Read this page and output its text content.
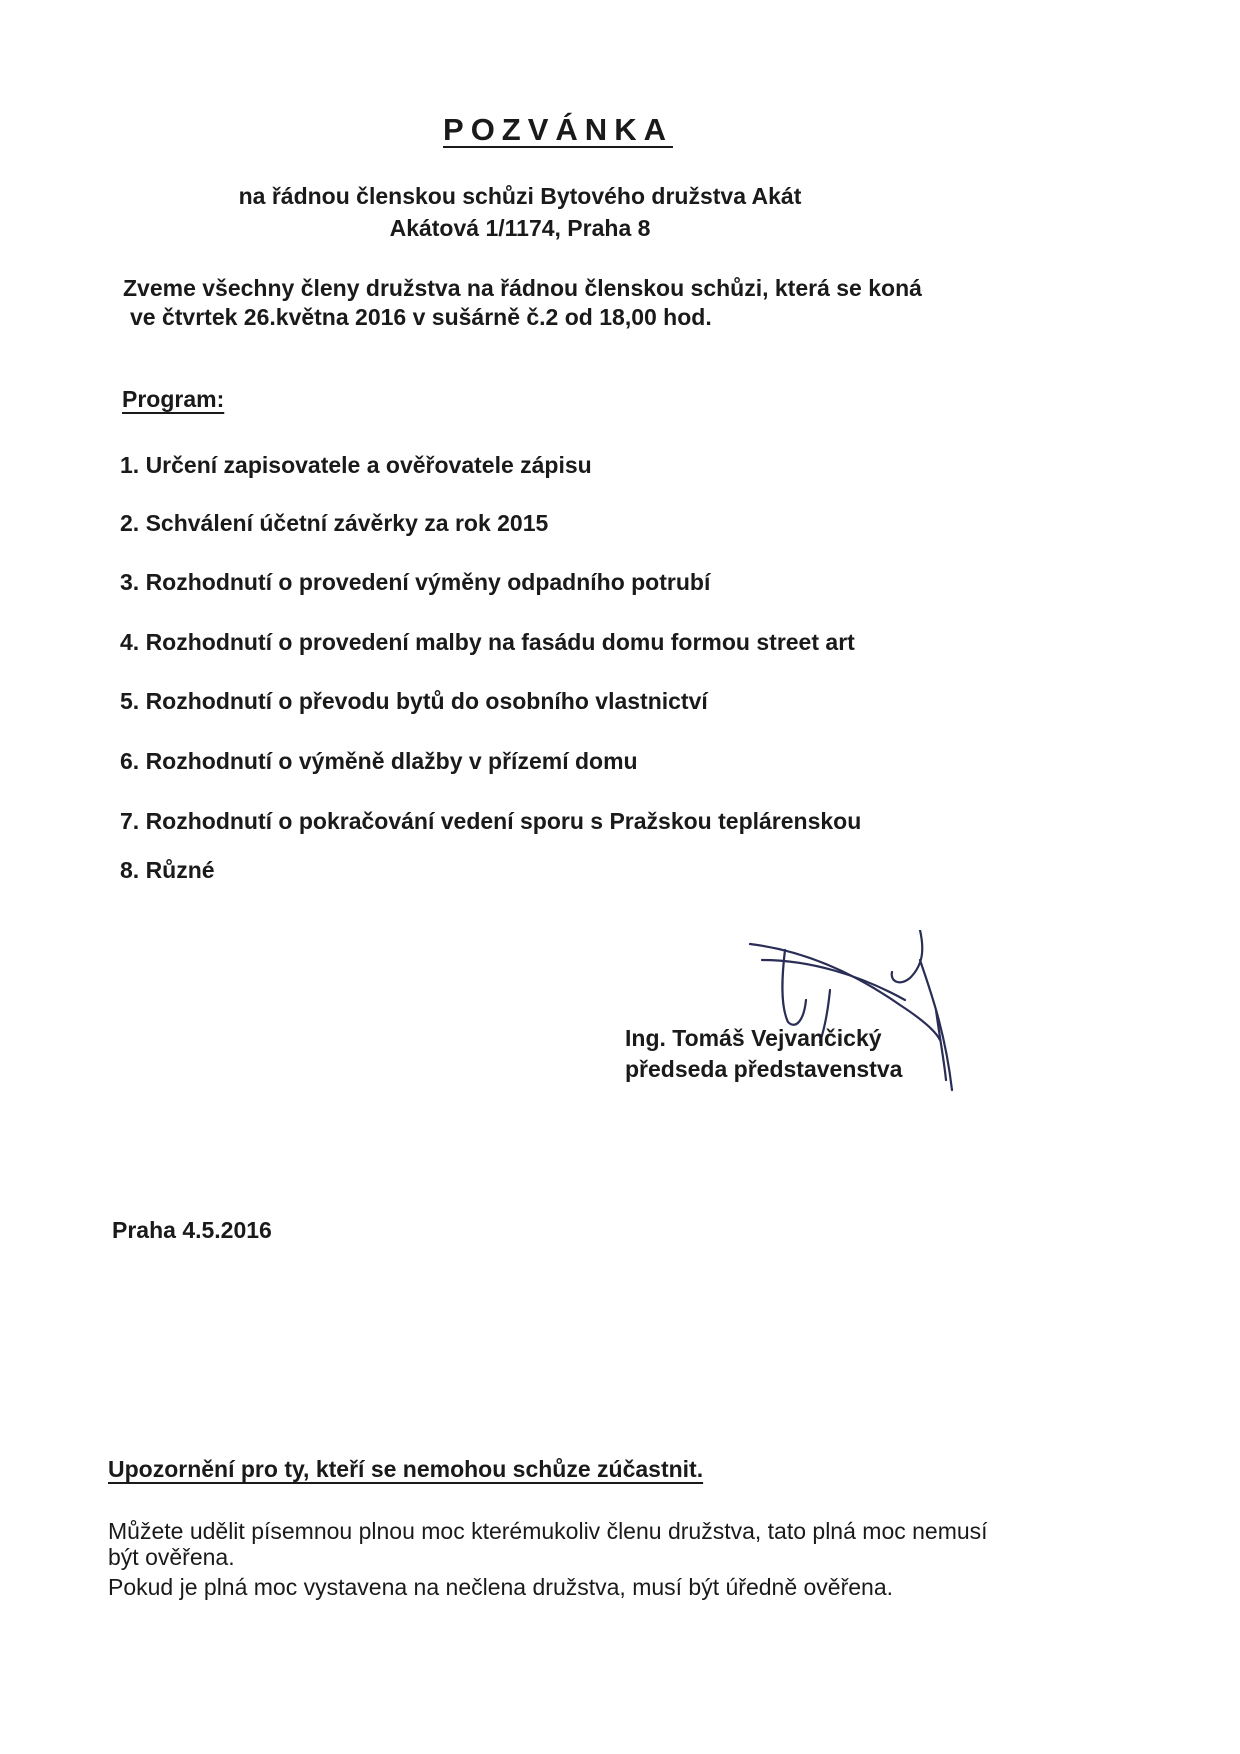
POZVÁNKA
na řádnou členskou schůzi Bytového družstva Akát
Akátová 1/1174, Praha 8
Zveme všechny členy družstva na řádnou členskou schůzi, která se koná
ve čtvrtek 26.května 2016 v sušárně č.2 od 18,00 hod.
Program:
1. Určení zapisovatele a ověřovatele zápisu
2. Schválení účetní závěrky za rok 2015
3. Rozhodnutí o provedení výměny odpadního potrubí
4. Rozhodnutí o provedení malby na fasádu domu formou street art
5. Rozhodnutí o převodu bytů do osobního vlastnictví
6. Rozhodnutí o výměně dlažby v přízemí domu
7. Rozhodnutí o pokračování vedení sporu s Pražskou teplárenskou
8. Různé
Ing. Tomáš Vejvančický
předseda představenstva
Praha 4.5.2016
Upozornění pro ty, kteří se nemohou schůze zúčastnit.
Můžete udělit písemnou plnou moc kterémukoliv členu družstva, tato plná moc nemusí
být ověřena.
Pokud je plná moc vystavena na nečlena družstva, musí být úředně ověřena.
